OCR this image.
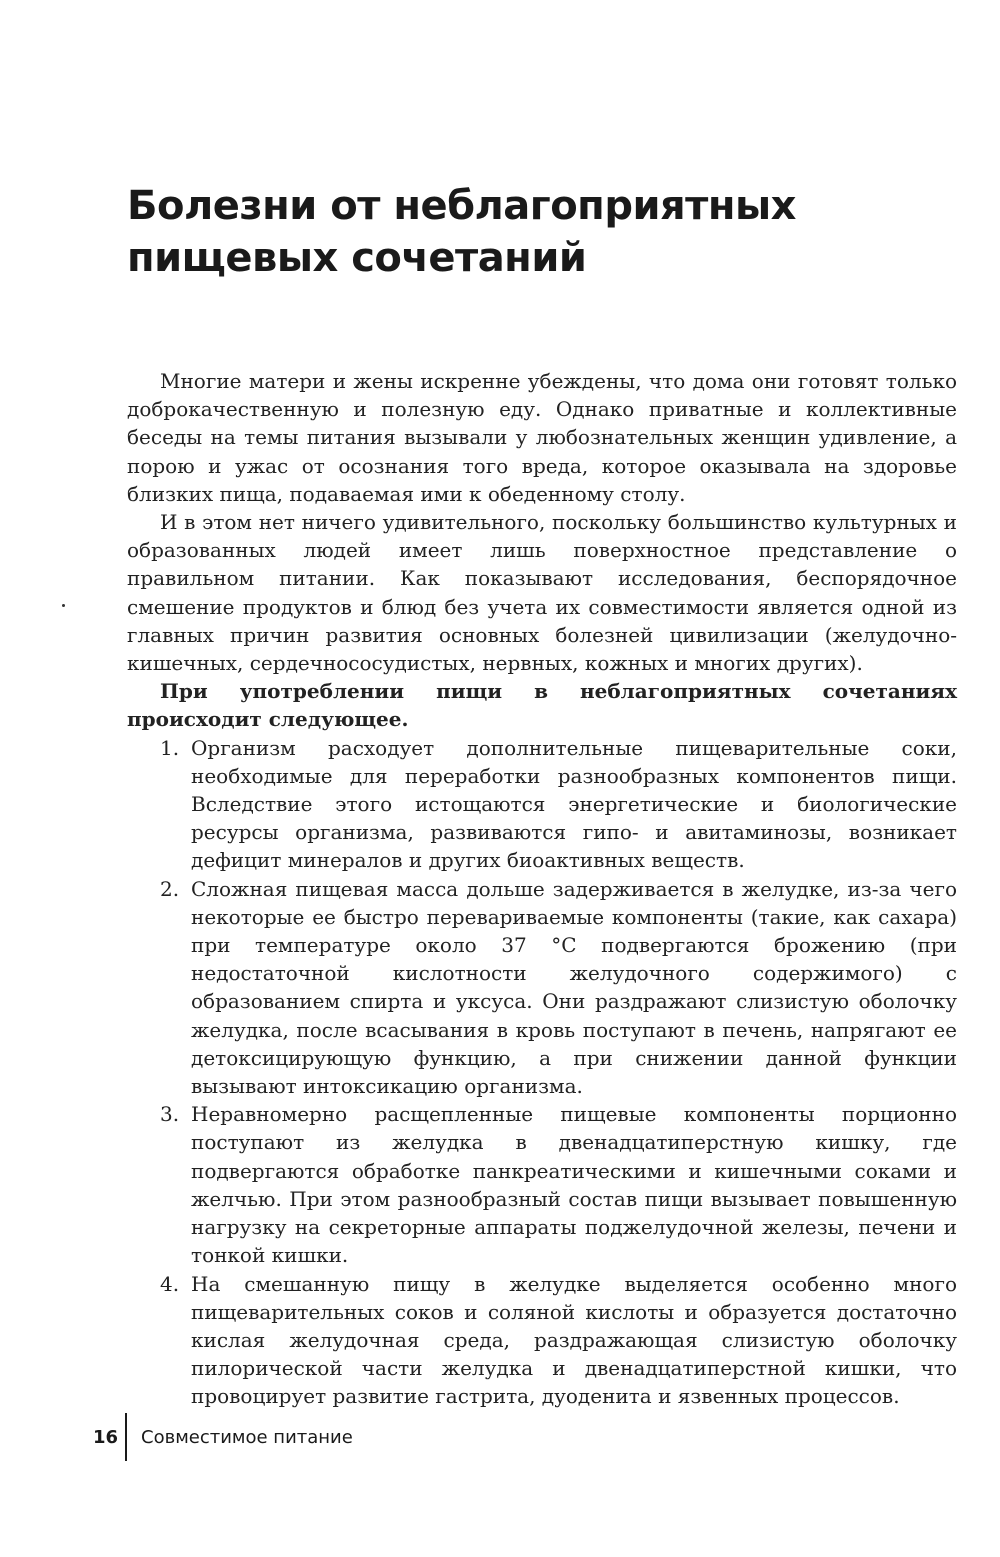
Болезни от неблагоприятных пищевых сочетаний

Многие матери и жены искренне убеждены, что дома они готовят только доброкачественную и полезную еду. Однако приватные и коллективные беседы на темы питания вызывали у любознательных женщин удивление, а порою и ужас от осознания того вреда, которое оказывала на здоровье близких пища, подаваемая ими к обеденному столу.

И в этом нет ничего удивительного, поскольку большинство культурных и образованных людей имеет лишь поверхностное представление о правильном питании. Как показывают исследования, беспорядочное смешение продуктов и блюд без учета их совместимости является одной из главных причин развития основных болезней цивилизации (желудочно-кишечных, сердечнососудистых, нервных, кожных и многих других).

При употреблении пищи в неблагоприятных сочетаниях происходит следующее.

1. Организм расходует дополнительные пищеварительные соки, необходимые для переработки разнообразных компонентов пищи. Вследствие этого истощаются энергетические и биологические ресурсы организма, развиваются гипо- и авитаминозы, возникает дефицит минералов и других биоактивных веществ.
2. Сложная пищевая масса дольше задерживается в желудке, из-за чего некоторые ее быстро перевариваемые компоненты (такие, как сахара) при температуре около 37 °С подвергаются брожению (при недостаточной кислотности желудочного содержимого) с образованием спирта и уксуса. Они раздражают слизистую оболочку желудка, после всасывания в кровь поступают в печень, напрягают ее детоксицирующую функцию, а при снижении данной функции вызывают интоксикацию организма.
3. Неравномерно расщепленные пищевые компоненты порционно поступают из желудка в двенадцатиперстную кишку, где подвергаются обработке панкреатическими и кишечными соками и желчью. При этом разнообразный состав пищи вызывает повышенную нагрузку на секреторные аппараты поджелудочной железы, печени и тонкой кишки.
4. На смешанную пищу в желудке выделяется особенно много пищеварительных соков и соляной кислоты и образуется достаточно кислая желудочная среда, раздражающая слизистую оболочку пилорической части желудка и двенадцатиперстной кишки, что провоцирует развитие гастрита, дуоденита и язвенных процессов.
16 Совместимое питание
